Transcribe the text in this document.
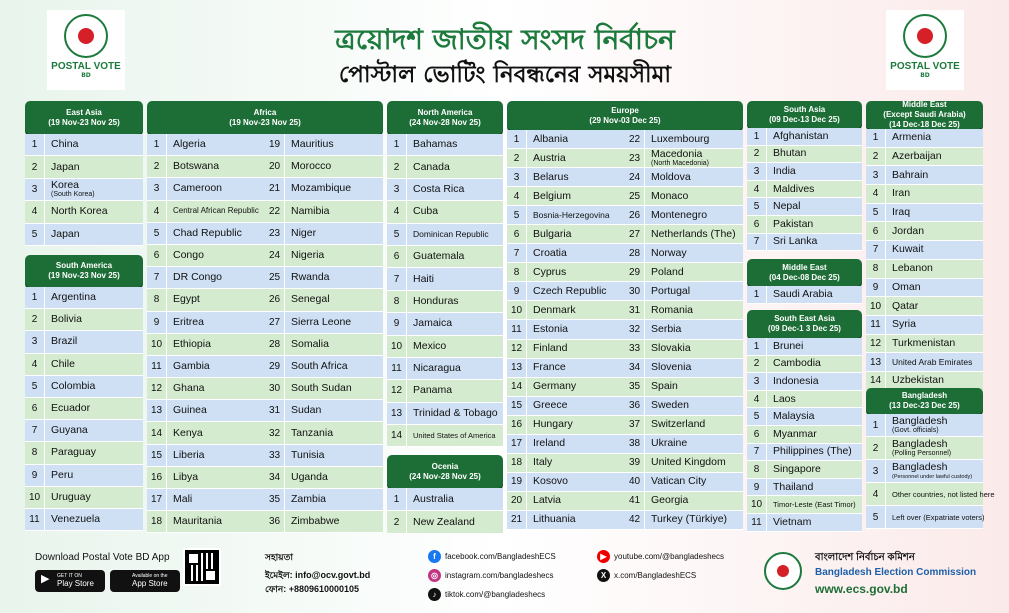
POSTAL VOTE
BD
POSTAL VOTE
BD
ত্রয়োদশ জাতীয় সংসদ নির্বাচন
পোস্টাল ভোটিং নিবন্ধনের সময়সীমা
East Asia
(19 Nov-23 Nov 25)
1	China
2	Japan
3	Korea
(South Korea)
4	North Korea
5	Japan
South America
(19 Nov-23 Nov 25)
1	Argentina
2	Bolivia
3	Brazil
4	Chile
5	Colombia
6	Ecuador
7	Guyana
8	Paraguay
9	Peru
10	Uruguay
11	Venezuela
Africa
(19 Nov-23 Nov 25)
1	Algeria
2	Botswana
3	Cameroon
4	Central African Republic
5	Chad Republic
6	Congo
7	DR Congo
8	Egypt
9	Eritrea
10	Ethiopia
11	Gambia
12	Ghana
13	Guinea
14	Kenya
15	Liberia
16	Libya
17	Mali
18	Mauritania
19	Mauritius
20	Morocco
21	Mozambique
22	Namibia
23	Niger
24	Nigeria
25	Rwanda
26	Senegal
27	Sierra Leone
28	Somalia
29	South Africa
30	South Sudan
31	Sudan
32	Tanzania
33	Tunisia
34	Uganda
35	Zambia
36	Zimbabwe
North America
(24 Nov-28 Nov 25)
1	Bahamas
2	Canada
3	Costa Rica
4	Cuba
5	Dominican Republic
6	Guatemala
7	Haiti
8	Honduras
9	Jamaica
10	Mexico
11	Nicaragua
12	Panama
13	Trinidad & Tobago
14	United States of America
Ocenia
(24 Nov-28 Nov 25)
1	Australia
2	New Zealand
Europe
(29 Nov-03 Dec 25)
1	Albania
2	Austria
3	Belarus
4	Belgium
5	Bosnia-Herzegovina
6	Bulgaria
7	Croatia
8	Cyprus
9	Czech Republic
10	Denmark
11	Estonia
12	Finland
13	France
14	Germany
15	Greece
16	Hungary
17	Ireland
18	Italy
19	Kosovo
20	Latvia
21	Lithuania
22	Luxembourg
23	Macedonia
(North Macedonia)
24	Moldova
25	Monaco
26	Montenegro
27	Netherlands (The)
28	Norway
29	Poland
30	Portugal
31	Romania
32	Serbia
33	Slovakia
34	Slovenia
35	Spain
36	Sweden
37	Switzerland
38	Ukraine
39	United Kingdom
40	Vatican City
41	Georgia
42	Turkey (Türkiye)
South Asia
(09 Dec-13 Dec 25)
1	Afghanistan
2	Bhutan
3	India
4	Maldives
5	Nepal
6	Pakistan
7	Sri Lanka
Middle East
(04 Dec-08 Dec 25)
1	Saudi Arabia
South East Asia
(09 Dec-1 3 Dec 25)
1	Brunei
2	Cambodia
3	Indonesia
4	Laos
5	Malaysia
6	Myanmar
7	Philippines (The)
8	Singapore
9	Thailand
10	Timor-Leste (East Timor)
11	Vietnam
Middle East
(Except Saudi Arabia)
(14 Dec-18 Dec 25)
1	Armenia
2	Azerbaijan
3	Bahrain
4	Iran
5	Iraq
6	Jordan
7	Kuwait
8	Lebanon
9	Oman
10	Qatar
11	Syria
12	Turkmenistan
13	United Arab Emirates
14	Uzbekistan
Bangladesh
(13 Dec-23 Dec 25)
1	Bangladesh
(Govt. officials)
2	Bangladesh
(Polling Personnel)
3	Bangladesh
(Personnel under lawful custody)
4	Other countries, not listed here
5	Left over (Expatriate voters)
Download Postal Vote BD App
▶ GET IT ON
Play Store
Available on the
App Store
সহায়তা
ইমেইল: info@ocv.govt.bd
ফোন: +8809610000105
f	facebook.com/BangladeshECS
◎ instagram.com/bangladeshecs
♪	tiktok.com/@bangladeshecs
▶ youtube.com/@bangladeshecs
X x.com/BangladeshECS
বাংলাদেশ নির্বাচন কমিশন
Bangladesh Election Commission
www.ecs.gov.bd
